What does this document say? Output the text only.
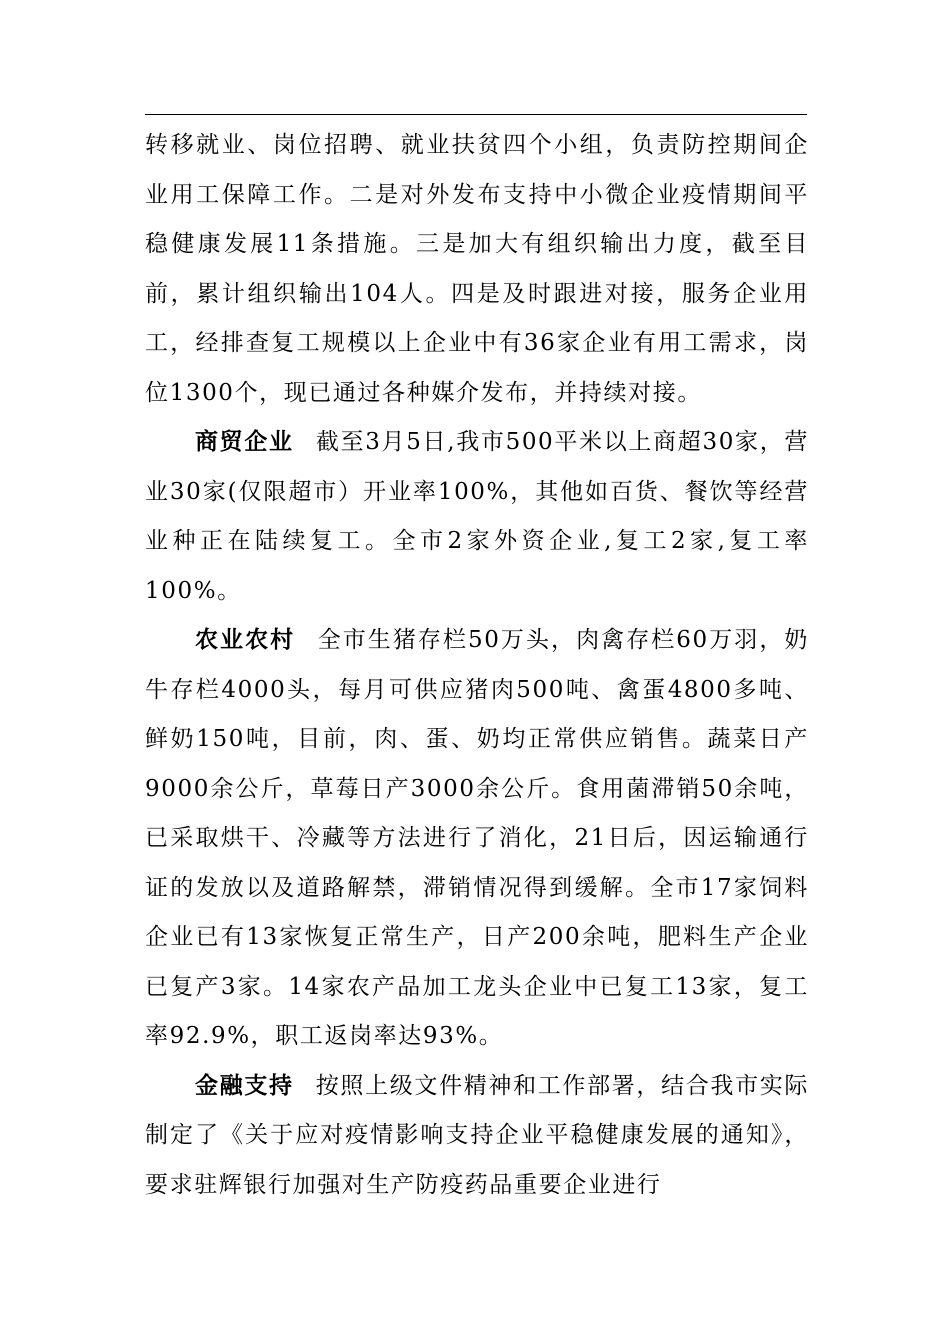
转移就业、岗位招聘、就业扶贫四个小组，负责防控期间企业用工保障工作。二是对外发布支持中小微企业疫情期间平稳健康发展11条措施。三是加大有组织输出力度，截至目前，累计组织输出104人。四是及时跟进对接，服务企业用工，经排查复工规模以上企业中有36家企业有用工需求，岗位1300个，现已通过各种媒介发布，并持续对接。

商贸企业 截至3月5日,我市500平米以上商超30家，营业30家(仅限超市）开业率100%，其他如百货、餐饮等经营业种正在陆续复工。全市2家外资企业,复工2家,复工率100%。

农业农村 全市生猪存栏50万头，肉禽存栏60万羽，奶牛存栏4000头，每月可供应猪肉500吨、禽蛋4800多吨、鲜奶150吨，目前，肉、蛋、奶均正常供应销售。蔬菜日产9000余公斤，草莓日产3000余公斤。食用菌滞销50余吨，已采取烘干、冷藏等方法进行了消化，21日后，因运输通行证的发放以及道路解禁，滞销情况得到缓解。全市17家饲料企业已有13家恢复正常生产，日产200余吨，肥料生产企业已复产3家。14家农产品加工龙头企业中已复工13家，复工率92.9%，职工返岗率达93%。

金融支持 按照上级文件精神和工作部署，结合我市实际制定了《关于应对疫情影响支持企业平稳健康发展的通知》，要求驻辉银行加强对生产防疫药品重要企业进行
